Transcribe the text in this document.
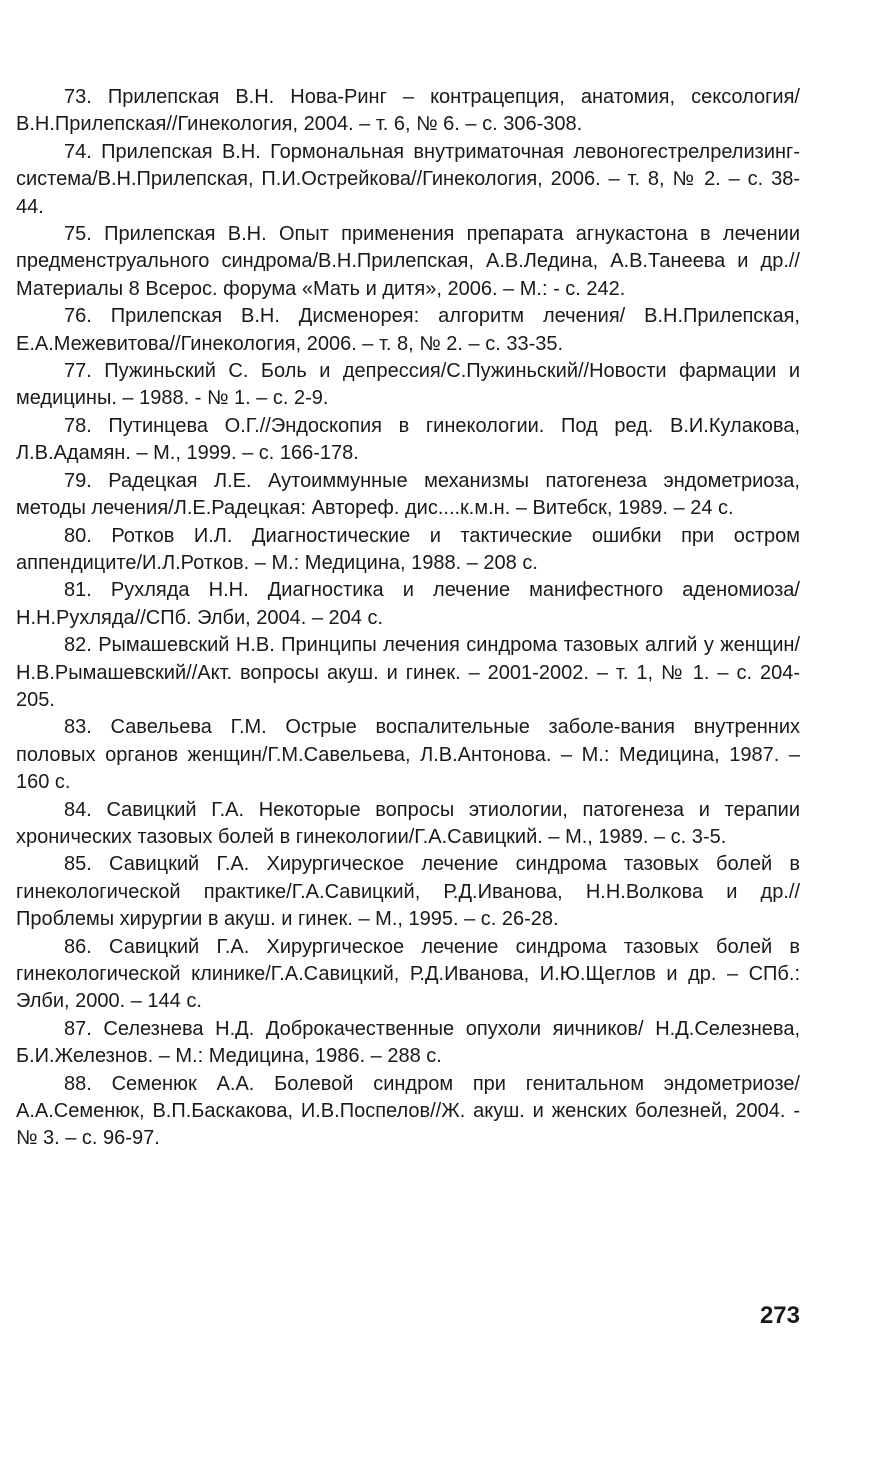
73. Прилепская В.Н. Нова-Ринг – контрацепция, анатомия, сексология/В.Н.Прилепская//Гинекология, 2004. – т. 6, № 6. – с. 306-308.
74. Прилепская В.Н. Гормональная внутриматочная левоногестрелрелизинг-система/В.Н.Прилепская, П.И.Острейкова//Гинекология, 2006. – т. 8, № 2. – с. 38-44.
75. Прилепская В.Н. Опыт применения препарата агнукастона в лечении предменструального синдрома/В.Н.Прилепская, А.В.Ледина, А.В.Танеева и др.//Материалы 8 Всерос. форума «Мать и дитя», 2006. – М.: - с. 242.
76. Прилепская В.Н. Дисменорея: алгоритм лечения/ В.Н.Прилепская, Е.А.Межевитова//Гинекология, 2006. – т. 8, № 2. – с. 33-35.
77. Пужиньский С. Боль и депрессия/С.Пужиньский//Новости фармации и медицины. – 1988. - № 1. – с. 2-9.
78. Путинцева О.Г.//Эндоскопия в гинекологии. Под ред. В.И.Кулакова, Л.В.Адамян. – М., 1999. – с. 166-178.
79. Радецкая Л.Е. Аутоиммунные механизмы патогенеза эндометриоза, методы лечения/Л.Е.Радецкая: Автореф. дис....к.м.н. – Витебск, 1989. – 24 с.
80. Ротков И.Л. Диагностические и тактические ошибки при остром аппендиците/И.Л.Ротков. – М.: Медицина, 1988. – 208 с.
81. Рухляда Н.Н. Диагностика и лечение манифестного аденомиоза/Н.Н.Рухляда//СПб. Элби, 2004. – 204 с.
82. Рымашевский Н.В. Принципы лечения синдрома тазовых алгий у женщин/Н.В.Рымашевский//Акт. вопросы акуш. и гинек. – 2001-2002. – т. 1, № 1. – с. 204-205.
83. Савельева Г.М. Острые воспалительные заболе-вания внутренних половых органов женщин/Г.М.Савельева, Л.В.Антонова. – М.: Медицина, 1987. – 160 с.
84. Савицкий Г.А. Некоторые вопросы этиологии, патогенеза и терапии хронических тазовых болей в гинекологии/Г.А.Савицкий. – М., 1989. – с. 3-5.
85. Савицкий Г.А. Хирургическое лечение синдрома тазовых болей в гинекологической практике/Г.А.Савицкий, Р.Д.Иванова, Н.Н.Волкова и др.//Проблемы хирургии в акуш. и гинек. – М., 1995. – с. 26-28.
86. Савицкий Г.А. Хирургическое лечение синдрома тазовых болей в гинекологической клинике/Г.А.Савицкий, Р.Д.Иванова, И.Ю.Щеглов и др. – СПб.: Элби, 2000. – 144 с.
87. Селезнева Н.Д. Доброкачественные опухоли яичников/ Н.Д.Селезнева, Б.И.Железнов. – М.: Медицина, 1986. – 288 с.
88. Семенюк А.А. Болевой синдром при генитальном эндометриозе/ А.А.Семенюк, В.П.Баскакова, И.В.Поспелов//Ж. акуш. и женских болезней, 2004. - № 3. – с. 96-97.
273
